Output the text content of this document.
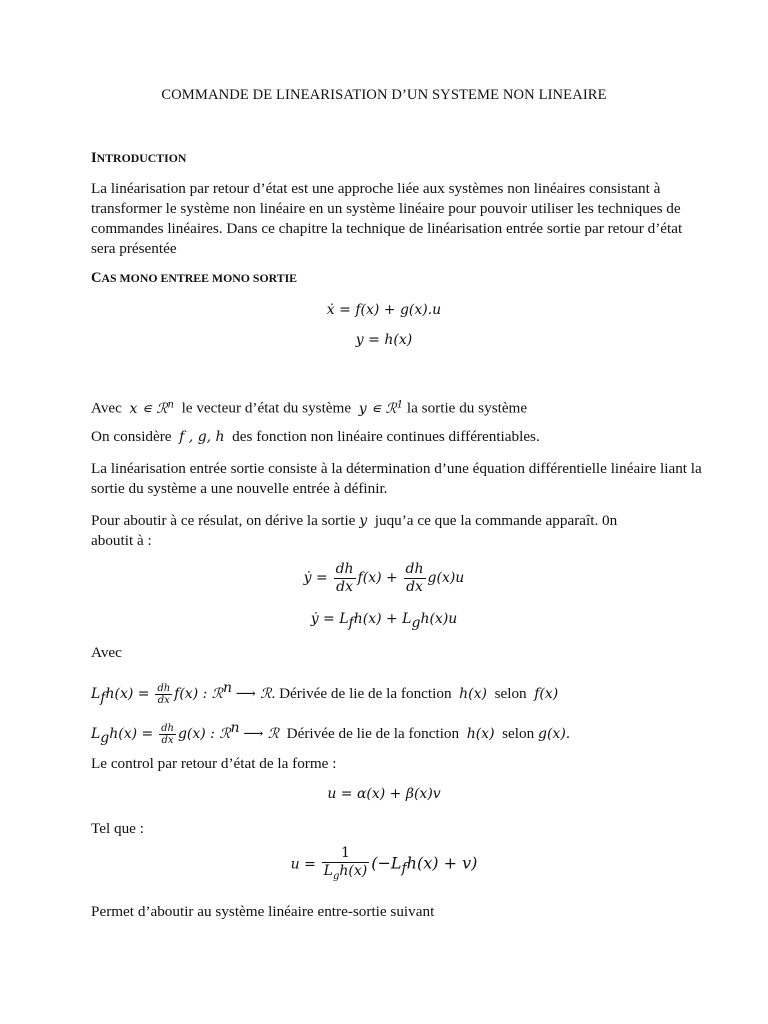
COMMANDE DE LINEARISATION D’UN SYSTEME NON LINEAIRE
INTRODUCTION
La linéarisation par retour d’état est une approche liée aux systèmes non linéaires consistant à transformer le système non linéaire en un système linéaire pour pouvoir utiliser les techniques de commandes linéaires. Dans ce chapitre la technique de linéarisation entrée sortie par retour d’état sera présentée
CAS MONO ENTREE MONO SORTIE
ẋ = f(x) + g(x).u
y = h(x)
Avec x ∊ ℛ$^n$ le vecteur d’état du système y ∊ ℛ$^1$ la sortie du système
On considère f , g, h des fonction non linéaire continues différentiables.
La linéarisation entrée sortie consiste à la détermination d’une équation différentielle linéaire liant la sortie du système a une nouvelle entrée à définir.
Pour aboutir à ce résulat, on dérive la sortie y juqu’a ce que la commande apparaît. 0n
aboutit à :
ẏ = $\frac{dh}{dx} f(x) + \frac{dh}{dx} g(x)u$
ẏ = $L_fh(x) + L_gh(x)u$
Avec
$L_fh(x) = \frac{dh}{dx} f(x)$ : ℛ$^n$ ⟶ ℛ. Dérivée de lie de la fonction h(x) selon f(x)
$L_gh(x) = \frac{dh}{dx} g(x)$ : ℛ$^n$ ⟶ ℛ Dérivée de lie de la fonction h(x) selon g(x).
Le control par retour d’état de la forme :
u = α(x) + β(x)v
Tel que :
$u = \frac{1}{L_gh(x)} (-L_fh(x) + v)$
Permet d’aboutir au système linéaire entre-sortie suivant
